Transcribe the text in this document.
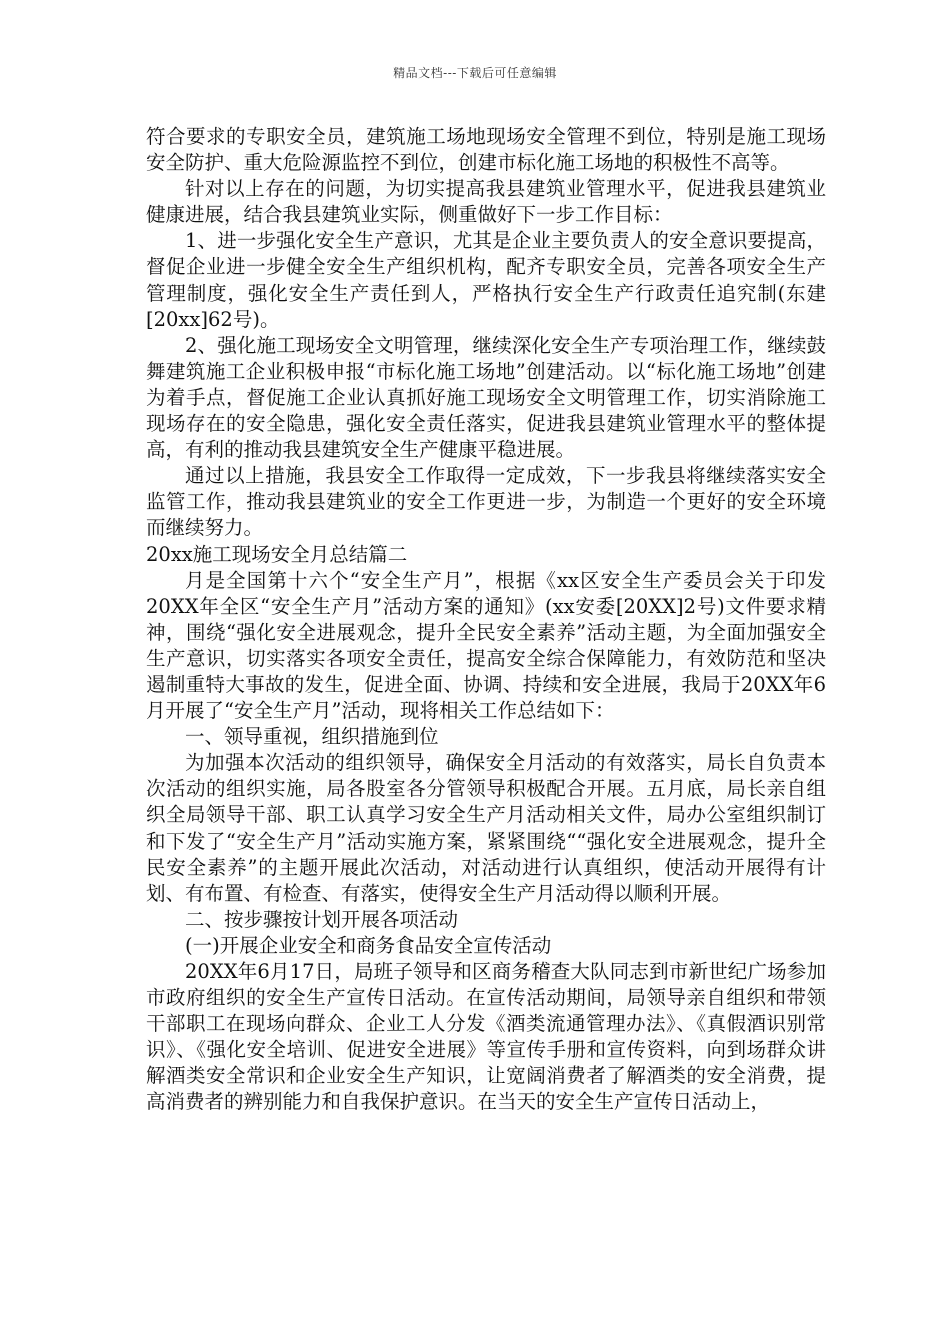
精品文档---下载后可任意编辑

符合要求的专职安全员，建筑施工场地现场安全管理不到位，特别是施工现场安全防护、重大危险源监控不到位，创建市标化施工场地的积极性不高等。

针对以上存在的问题，为切实提高我县建筑业管理水平，促进我县建筑业健康进展，结合我县建筑业实际，侧重做好下一步工作目标：

1、进一步强化安全生产意识，尤其是企业主要负责人的安全意识要提高，督促企业进一步健全安全生产组织机构，配齐专职安全员，完善各项安全生产管理制度，强化安全生产责任到人，严格执行安全生产行政责任追究制(东建[20xx]62号)。

2、强化施工现场安全文明管理，继续深化安全生产专项治理工作，继续鼓舞建筑施工企业积极申报“市标化施工场地”创建活动。以“标化施工场地”创建为着手点，督促施工企业认真抓好施工现场安全文明管理工作，切实消除施工现场存在的安全隐患，强化安全责任落实，促进我县建筑业管理水平的整体提高，有利的推动我县建筑安全生产健康平稳进展。

通过以上措施，我县安全工作取得一定成效，下一步我县将继续落实安全监管工作，推动我县建筑业的安全工作更进一步，为制造一个更好的安全环境而继续努力。

20xx施工现场安全月总结篇二

月是全国第十六个“安全生产月”，根据《xx区安全生产委员会关于印发20XX年全区“安全生产月”活动方案的通知》(xx安委[20XX]2号)文件要求精神，围绕“强化安全进展观念，提升全民安全素养”活动主题，为全面加强安全生产意识，切实落实各项安全责任，提高安全综合保障能力，有效防范和坚决遏制重特大事故的发生，促进全面、协调、持续和安全进展，我局于20XX年6月开展了“安全生产月”活动，现将相关工作总结如下：

一、领导重视，组织措施到位

为加强本次活动的组织领导，确保安全月活动的有效落实，局长自负责本次活动的组织实施，局各股室各分管领导积极配合开展。五月底，局长亲自组织全局领导干部、职工认真学习安全生产月活动相关文件，局办公室组织制订和下发了“安全生产月”活动实施方案，紧紧围绕““强化安全进展观念，提升全民安全素养”的主题开展此次活动，对活动进行认真组织，使活动开展得有计划、有布置、有检查、有落实，使得安全生产月活动得以顺利开展。

二、按步骤按计划开展各项活动

(一)开展企业安全和商务食品安全宣传活动

20XX年6月17日，局班子领导和区商务稽查大队同志到市新世纪广场参加市政府组织的安全生产宣传日活动。在宣传活动期间，局领导亲自组织和带领干部职工在现场向群众、企业工人分发《酒类流通管理办法》、《真假酒识别常识》、《强化安全培训、促进安全进展》等宣传手册和宣传资料，向到场群众讲解酒类安全常识和企业安全生产知识，让宽阔消费者了解酒类的安全消费，提高消费者的辨别能力和自我保护意识。在当天的安全生产宣传日活动上，
